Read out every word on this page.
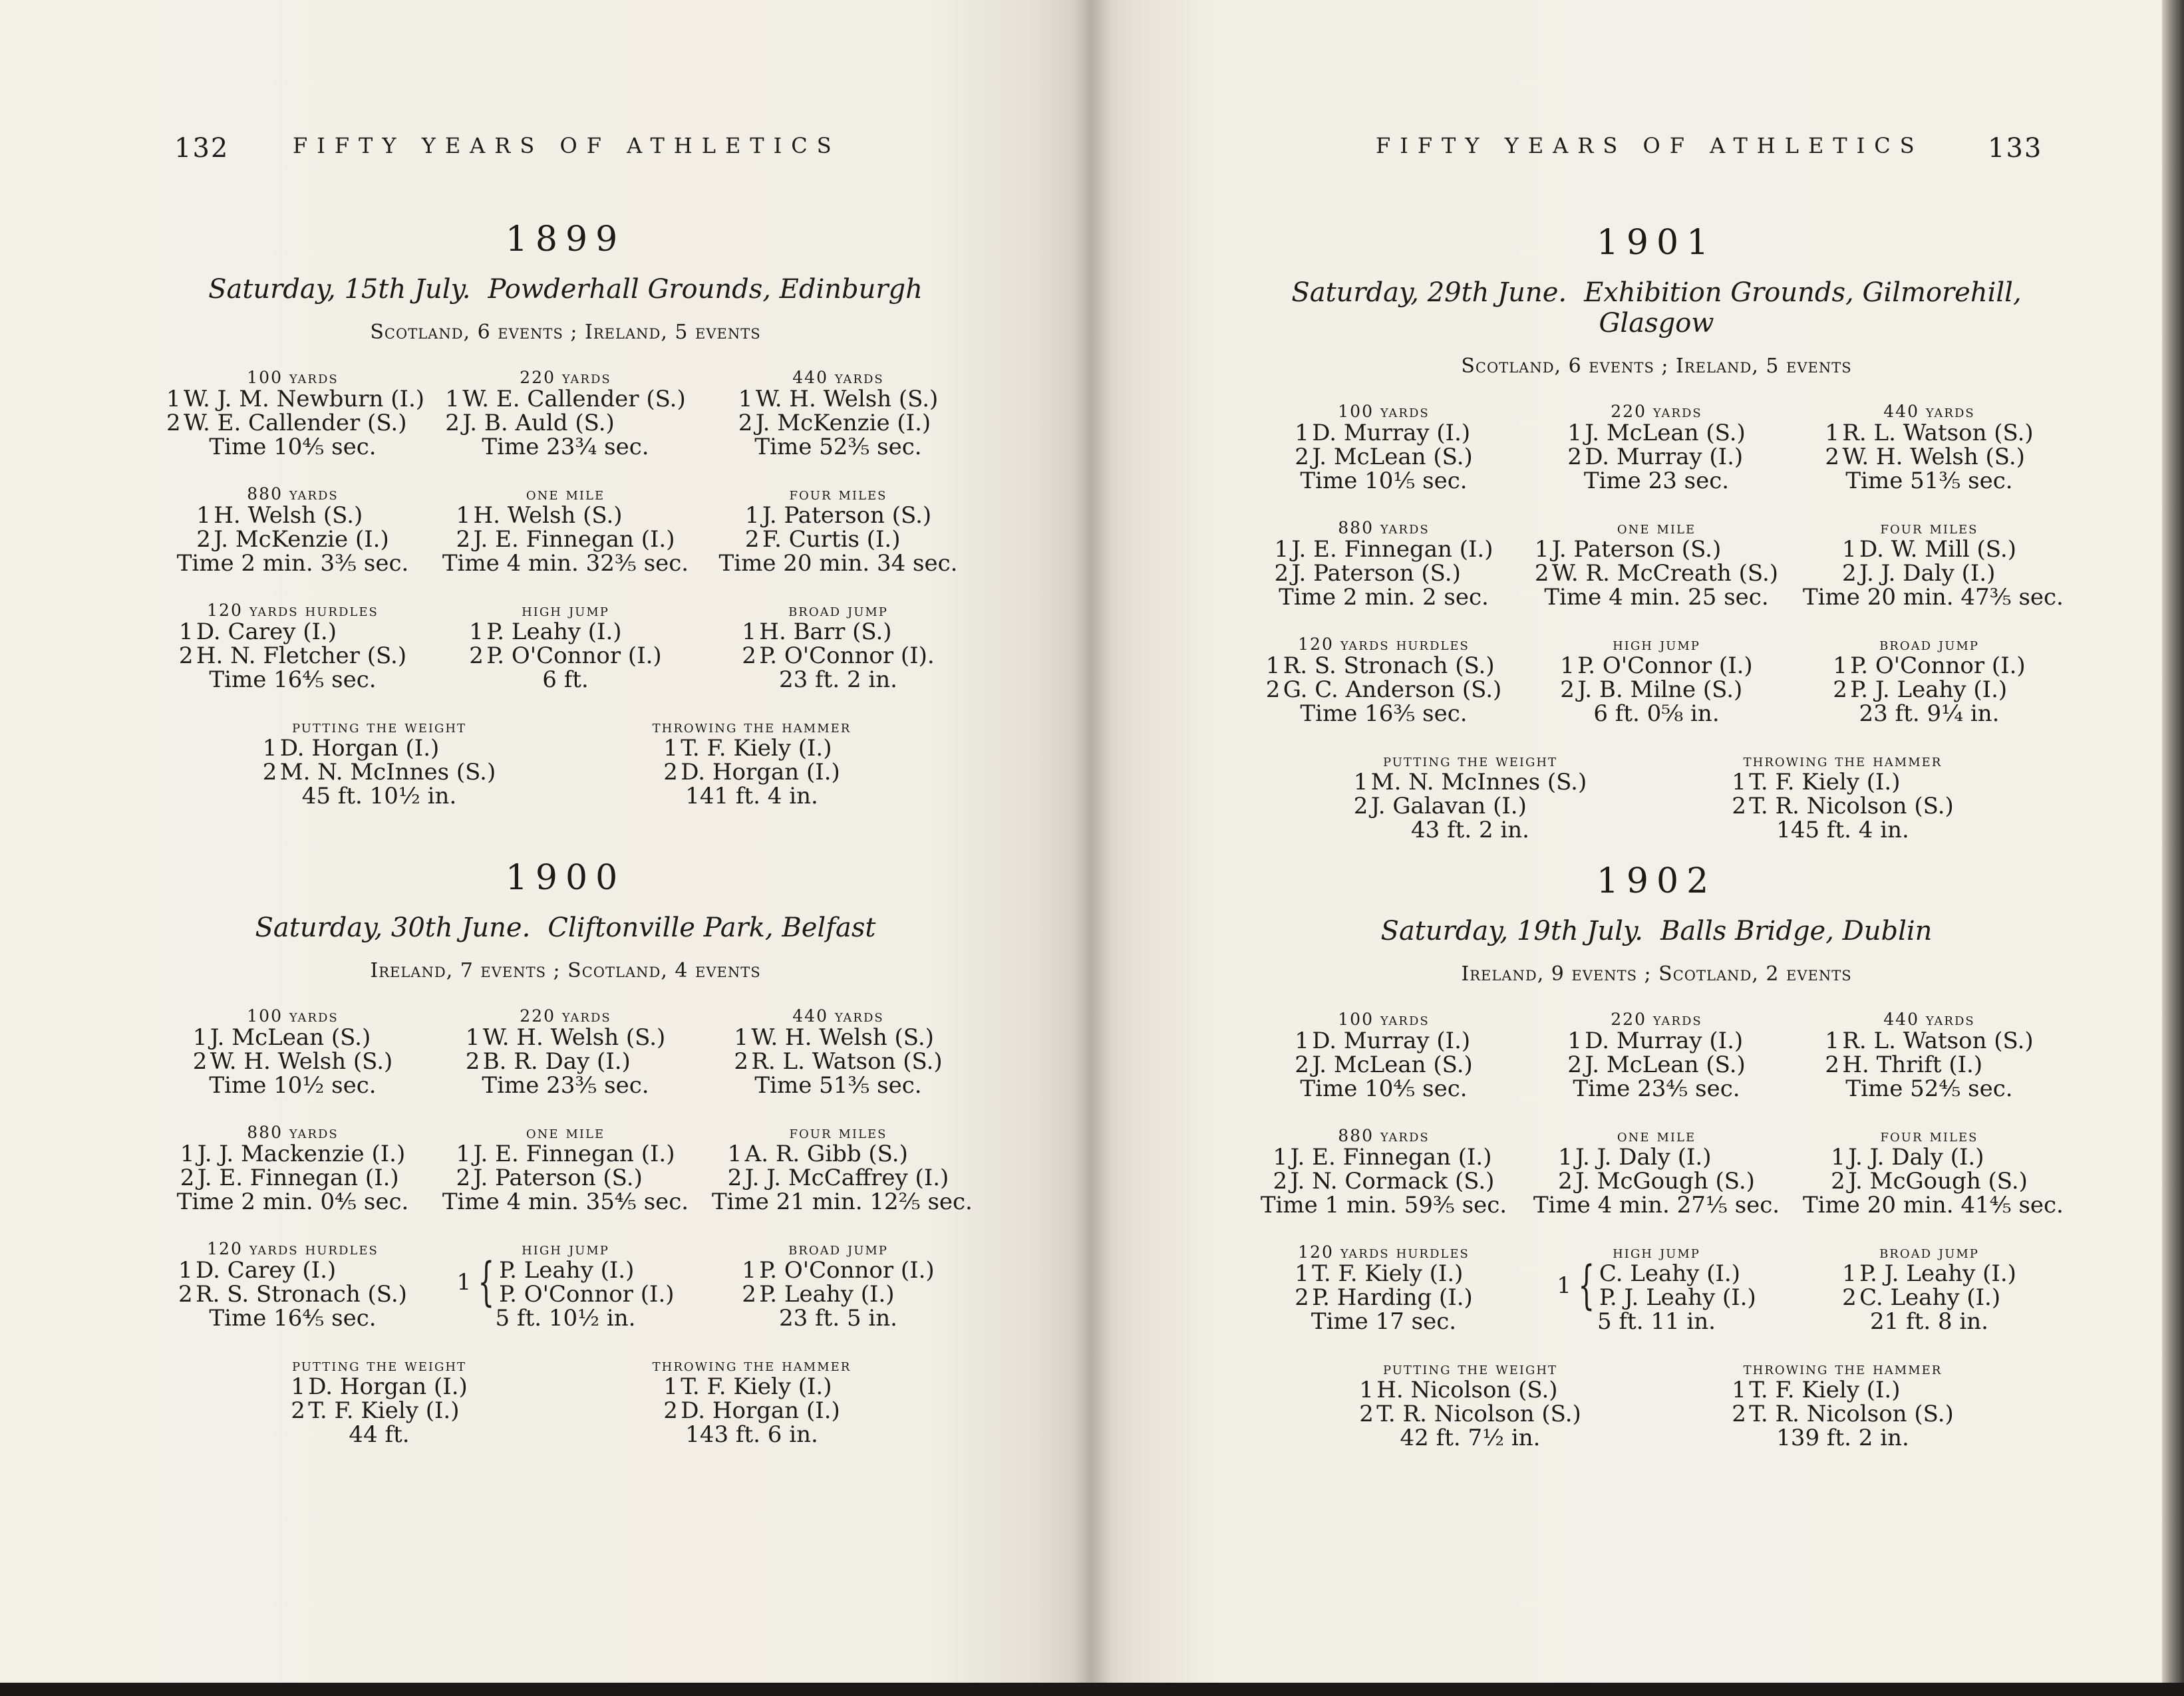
132	FIFTY YEARS OF ATHLETICS
1899
Saturday, 15th July. Powderhall Grounds, Edinburgh
Scotland, 6 events ; Ireland, 5 events
100 yards
1 W. J. M. Newburn (I.)
2 W. E. Callender (S.)
Time 10⅘ sec.
220 yards
1 W. E. Callender (S.)
2 J. B. Auld (S.)
Time 23¾ sec.
440 yards
1 W. H. Welsh (S.)
2 J. McKenzie (I.)
Time 52⅗ sec.
880 yards
1 H. Welsh (S.)
2 J. McKenzie (I.)
Time 2 min. 3⅗ sec.
one mile
1 H. Welsh (S.)
2 J. E. Finnegan (I.)
Time 4 min. 32⅗ sec.
four miles
1 J. Paterson (S.)
2 F. Curtis (I.)
Time 20 min. 34 sec.
120 yards hurdles
1 D. Carey (I.)
2 H. N. Fletcher (S.)
Time 16⅘ sec.
high jump
1 P. Leahy (I.)
2 P. O'Connor (I.)
6 ft.
broad jump
1 H. Barr (S.)
2 P. O'Connor (I).
23 ft. 2 in.
putting the weight
1 D. Horgan (I.)
2 M. N. McInnes (S.)
45 ft. 10½ in.
throwing the hammer
1 T. F. Kiely (I.)
2 D. Horgan (I.)
141 ft. 4 in.
1900
Saturday, 30th June. Cliftonville Park, Belfast
Ireland, 7 events ; Scotland, 4 events
100 yards
1 J. McLean (S.)
2 W. H. Welsh (S.)
Time 10½ sec.
220 yards
1 W. H. Welsh (S.)
2 B. R. Day (I.)
Time 23⅗ sec.
440 yards
1 W. H. Welsh (S.)
2 R. L. Watson (S.)
Time 51⅗ sec.
880 yards
1 J. J. Mackenzie (I.)
2 J. E. Finnegan (I.)
Time 2 min. 0⅘ sec.
one mile
1 J. E. Finnegan (I.)
2 J. Paterson (S.)
Time 4 min. 35⅘ sec.
four miles
1 A. R. Gibb (S.)
2 J. J. McCaffrey (I.)
Time 21 min. 12⅖ sec.
120 yards hurdles
1 D. Carey (I.)
2 R. S. Stronach (S.)
Time 16⅘ sec.
high jump
1 { P. Leahy (I.)
P. O'Connor (I.)
5 ft. 10½ in.
broad jump
1 P. O'Connor (I.)
2 P. Leahy (I.)
23 ft. 5 in.
putting the weight
1 D. Horgan (I.)
2 T. F. Kiely (I.)
44 ft.
throwing the hammer
1 T. F. Kiely (I.)
2 D. Horgan (I.)
143 ft. 6 in.
FIFTY YEARS OF ATHLETICS 133
1901
Saturday, 29th June. Exhibition Grounds, Gilmorehill, Glasgow
Scotland, 6 events ; Ireland, 5 events
100 yards
1 D. Murray (I.)
2 J. McLean (S.)
Time 10⅕ sec.
220 yards
1 J. McLean (S.)
2 D. Murray (I.)
Time 23 sec.
440 yards
1 R. L. Watson (S.)
2 W. H. Welsh (S.)
Time 51⅗ sec.
880 yards
1 J. E. Finnegan (I.)
2 J. Paterson (S.)
Time 2 min. 2 sec.
one mile
1 J. Paterson (S.)
2 W. R. McCreath (S.)
Time 4 min. 25 sec.
four miles
1 D. W. Mill (S.)
2 J. J. Daly (I.)
Time 20 min. 47⅗ sec.
120 yards hurdles
1 R. S. Stronach (S.)
2 G. C. Anderson (S.)
Time 16⅗ sec.
high jump
1 P. O'Connor (I.)
2 J. B. Milne (S.)
6 ft. 0⅝ in.
broad jump
1 P. O'Connor (I.)
2 P. J. Leahy (I.)
23 ft. 9¼ in.
putting the weight
1 M. N. McInnes (S.)
2 J. Galavan (I.)
43 ft. 2 in.
throwing the hammer
1 T. F. Kiely (I.)
2 T. R. Nicolson (S.)
145 ft. 4 in.
1902
Saturday, 19th July. Balls Bridge, Dublin
Ireland, 9 events ; Scotland, 2 events
100 yards
1 D. Murray (I.)
2 J. McLean (S.)
Time 10⅘ sec.
220 yards
1 D. Murray (I.)
2 J. McLean (S.)
Time 23⅘ sec.
440 yards
1 R. L. Watson (S.)
2 H. Thrift (I.)
Time 52⅘ sec.
880 yards
1 J. E. Finnegan (I.)
2 J. N. Cormack (S.)
Time 1 min. 59⅗ sec.
one mile
1 J. J. Daly (I.)
2 J. McGough (S.)
Time 4 min. 27⅕ sec.
four miles
1 J. J. Daly (I.)
2 J. McGough (S.)
Time 20 min. 41⅘ sec.
120 yards hurdles
1 T. F. Kiely (I.)
2 P. Harding (I.)
Time 17 sec.
high jump
1 { C. Leahy (I.)
P. J. Leahy (I.)
5 ft. 11 in.
broad jump
1 P. J. Leahy (I.)
2 C. Leahy (I.)
21 ft. 8 in.
putting the weight
1 H. Nicolson (S.)
2 T. R. Nicolson (S.)
42 ft. 7½ in.
throwing the hammer
1 T. F. Kiely (I.)
2 T. R. Nicolson (S.)
139 ft. 2 in.
